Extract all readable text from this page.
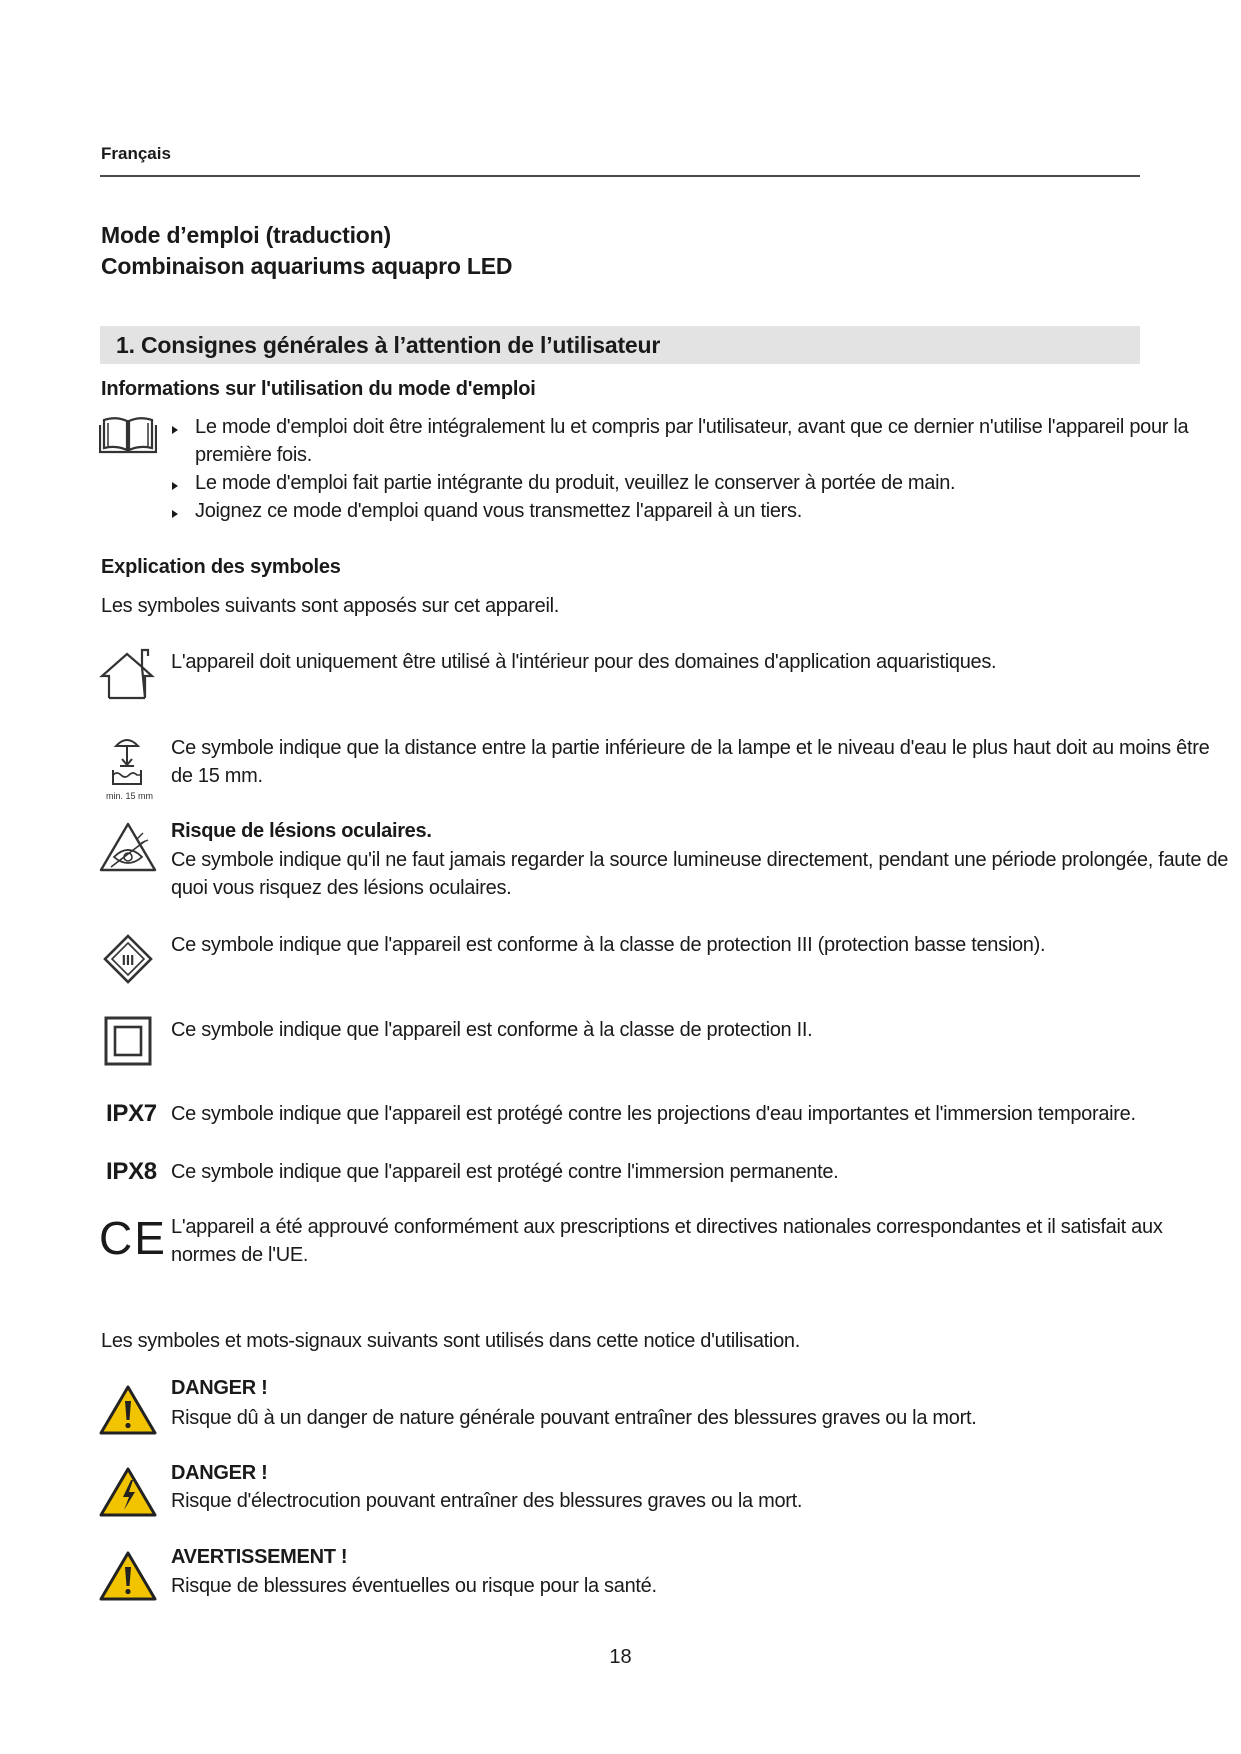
Français
Mode d’emploi (traduction)
Combinaison aquariums aquapro LED
1. Consignes générales à l’attention de l’utilisateur
Informations sur l'utilisation du mode d'emploi
Le mode d'emploi doit être intégralement lu et compris par l'utilisateur, avant que ce dernier n'utilise l'appareil pour la
première fois.
Le mode d'emploi fait partie intégrante du produit, veuillez le conserver à portée de main.
Joignez ce mode d'emploi quand vous transmettez l'appareil à un tiers.
Explication des symboles
Les symboles suivants sont apposés sur cet appareil.
L'appareil doit uniquement être utilisé à l'intérieur pour des domaines d'application aquaristiques.
min. 15 mm
Ce symbole indique que la distance entre la partie inférieure de la lampe et le niveau d'eau le plus haut doit au moins être
de 15 mm.
Risque de lésions oculaires.
Ce symbole indique qu'il ne faut jamais regarder la source lumineuse directement, pendant une période prolongée, faute de
quoi vous risquez des lésions oculaires.
III
Ce symbole indique que l'appareil est conforme à la classe de protection III (protection basse tension).
Ce symbole indique que l'appareil est conforme à la classe de protection II.
IPX7 Ce symbole indique que l'appareil est protégé contre les projections d'eau importantes et l'immersion temporaire.
IPX8 Ce symbole indique que l'appareil est protégé contre l'immersion permanente.
CE L'appareil a été approuvé conformément aux prescriptions et directives nationales correspondantes et il satisfait aux
normes de l'UE.
Les symboles et mots-signaux suivants sont utilisés dans cette notice d'utilisation.
DANGER !
Risque dû à un danger de nature générale pouvant entraîner des blessures graves ou la mort.
DANGER !
Risque d'électrocution pouvant entraîner des blessures graves ou la mort.
AVERTISSEMENT !
Risque de blessures éventuelles ou risque pour la santé.
18
